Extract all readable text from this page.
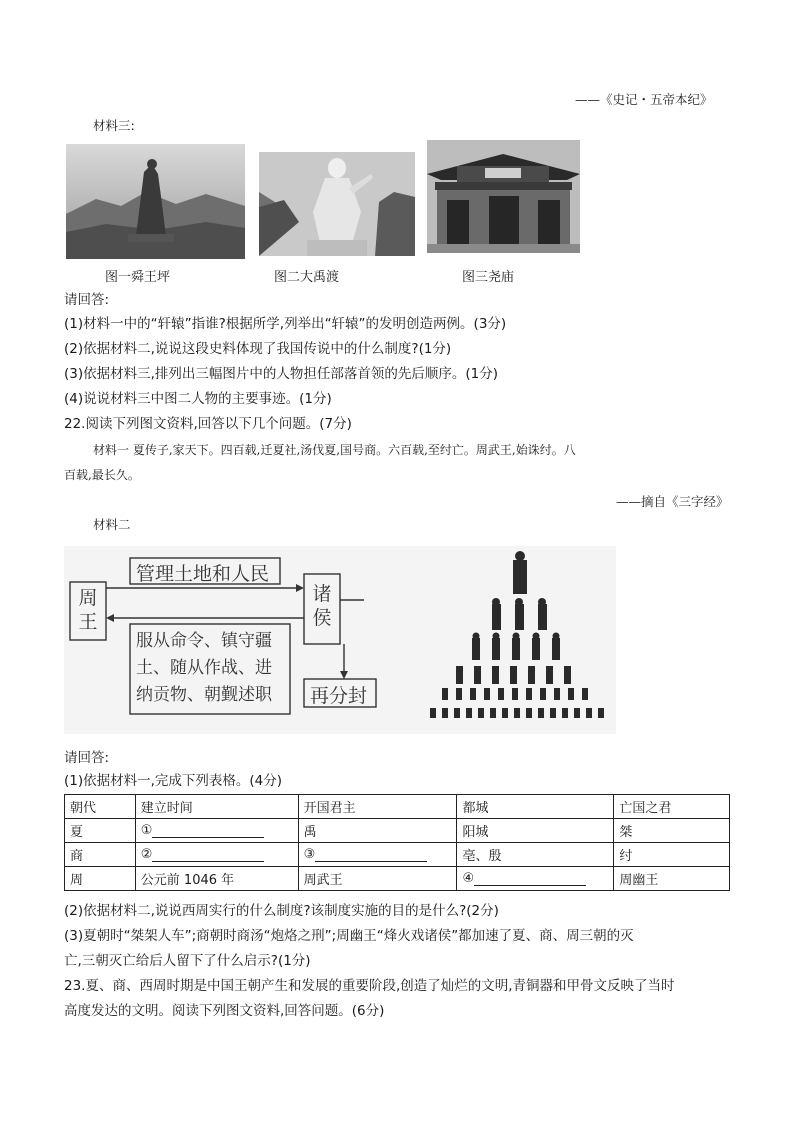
——《史记・五帝本纪》
材料三:
图一舜王坪	图二大禹渡	图三尧庙
请回答:
(1)材料一中的“轩辕”指谁?根据所学,列举出“轩辕”的发明创造两例。(3分)
(2)依据材料二,说说这段史料体现了我国传说中的什么制度?(1分)
(3)依据材料三,排列出三幅图片中的人物担任部落首领的先后顺序。(1分)
(4)说说材料三中图二人物的主要事迹。(1分)
22.阅读下列图文资料,回答以下几个问题。(7分)
材料一 夏传子,家天下。四百载,迁夏社,汤伐夏,国号商。六百载,至纣亡。周武王,始诛纣。八
百载,最长久。
——摘自《三字经》
材料二
周王
管理土地和人民
诸侯
服从命令、镇守疆
土、随从作战、进
纳贡物、朝觐述职 再分封
请回答:
(1)依据材料一,完成下列表格。(4分)
朝代	建立时间	开国君主	都城	亡国之君
夏	①	禹	阳城	桀
商	②	③	亳、殷	纣
周	公元前 1046 年	周武王	④	周幽王
(2)依据材料二,说说西周实行的什么制度?该制度实施的目的是什么?(2分)
(3)夏朝时“桀架人车”;商朝时商汤“炮烙之刑”;周幽王“烽火戏诸侯”都加速了夏、商、周三朝的灭
亡,三朝灭亡给后人留下了什么启示?(1分)
23.夏、商、西周时期是中国王朝产生和发展的重要阶段,创造了灿烂的文明,青铜器和甲骨文反映了当时
高度发达的文明。阅读下列图文资料,回答问题。(6分)
